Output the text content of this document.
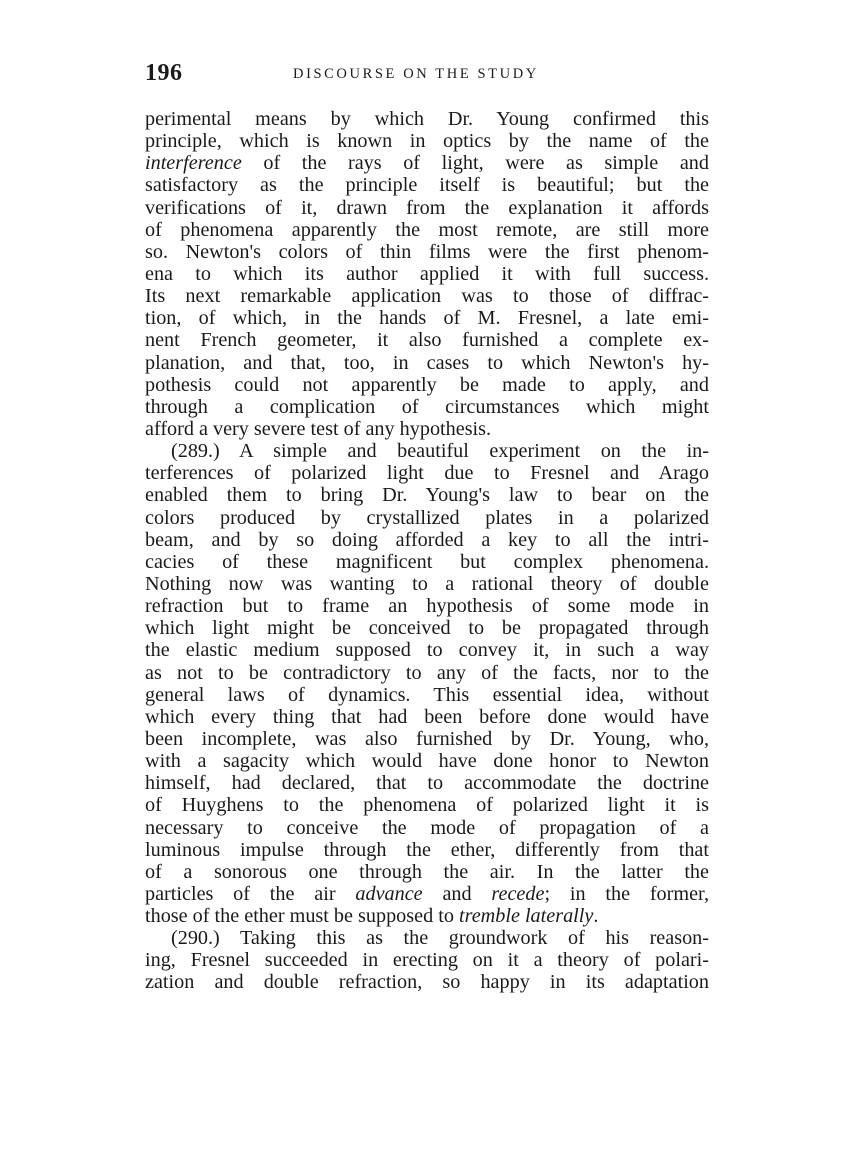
196	DISCOURSE ON THE STUDY
perimental means by which Dr. Young confirmed this
principle, which is known in optics by the name of the
interference of the rays of light, were as simple and
satisfactory as the principle itself is beautiful; but the
verifications of it, drawn from the explanation it affords
of phenomena apparently the most remote, are still more
so. Newton's colors of thin films were the first phenom-
ena to which its author applied it with full success.
Its next remarkable application was to those of diffrac-
tion, of which, in the hands of M. Fresnel, a late emi-
nent French geometer, it also furnished a complete ex-
planation, and that, too, in cases to which Newton's hy-
pothesis could not apparently be made to apply, and
through a complication of circumstances which might
afford a very severe test of any hypothesis.
(289.) A simple and beautiful experiment on the in-
terferences of polarized light due to Fresnel and Arago
enabled them to bring Dr. Young's law to bear on the
colors produced by crystallized plates in a polarized
beam, and by so doing afforded a key to all the intri-
cacies of these magnificent but complex phenomena.
Nothing now was wanting to a rational theory of double
refraction but to frame an hypothesis of some mode in
which light might be conceived to be propagated through
the elastic medium supposed to convey it, in such a way
as not to be contradictory to any of the facts, nor to the
general laws of dynamics. This essential idea, without
which every thing that had been before done would have
been incomplete, was also furnished by Dr. Young, who,
with a sagacity which would have done honor to Newton
himself, had declared, that to accommodate the doctrine
of Huyghens to the phenomena of polarized light it is
necessary to conceive the mode of propagation of a
luminous impulse through the ether, differently from that
of a sonorous one through the air. In the latter the
particles of the air advance and recede; in the former,
those of the ether must be supposed to tremble laterally.
(290.) Taking this as the groundwork of his reason-
ing, Fresnel succeeded in erecting on it a theory of polari-
zation and double refraction, so happy in its adaptation
